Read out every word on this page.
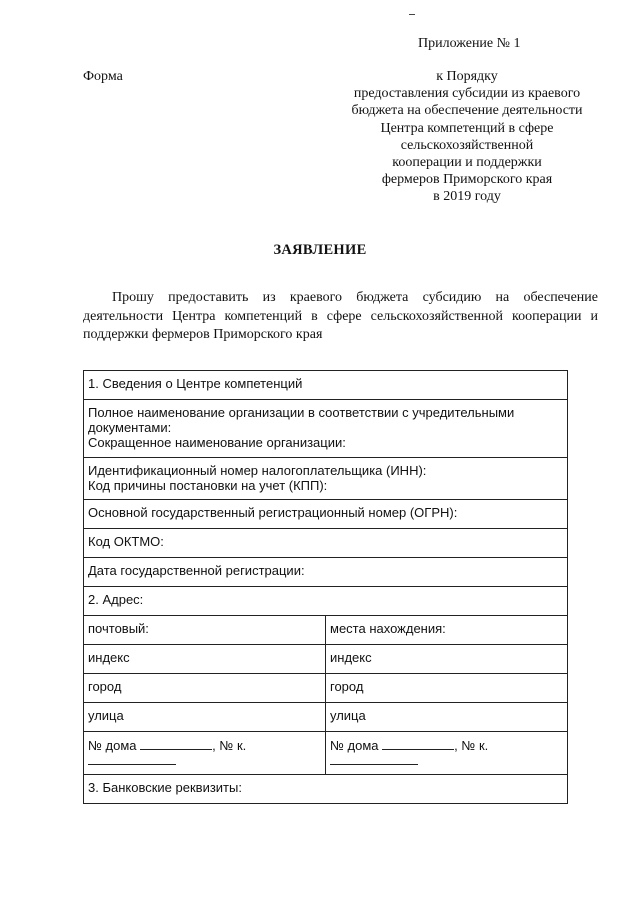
Приложение № 1
Форма	к Порядку
предоставления субсидии из краевого
бюджета на обеспечение деятельности
Центра компетенций в сфере
сельскохозяйственной
кооперации и поддержки
фермеров Приморского края
в 2019 году
ЗАЯВЛЕНИЕ
Прошу предоставить из краевого бюджета субсидию на обеспечение
деятельности Центра компетенций в сфере сельскохозяйственной кооперации и
поддержки фермеров Приморского края
1. Сведения о Центре компетенций	

Полное наименование организации в соответствии с учредительными
документами:
Сокращенное наименование организации:	

Идентификационный номер налогоплательщика (ИНН):
Код причины постановки на учет (КПП):	

Основной государственный регистрационный номер (ОГРН):	
Код ОКТМО:	
Дата государственной регистрации:	
2. Адрес:	
почтовый:	места нахождения:
индекс	индекс
город	город
улица	улица
№ дома , № к.	№ дома , № к.

3. Банковские реквизиты:	
